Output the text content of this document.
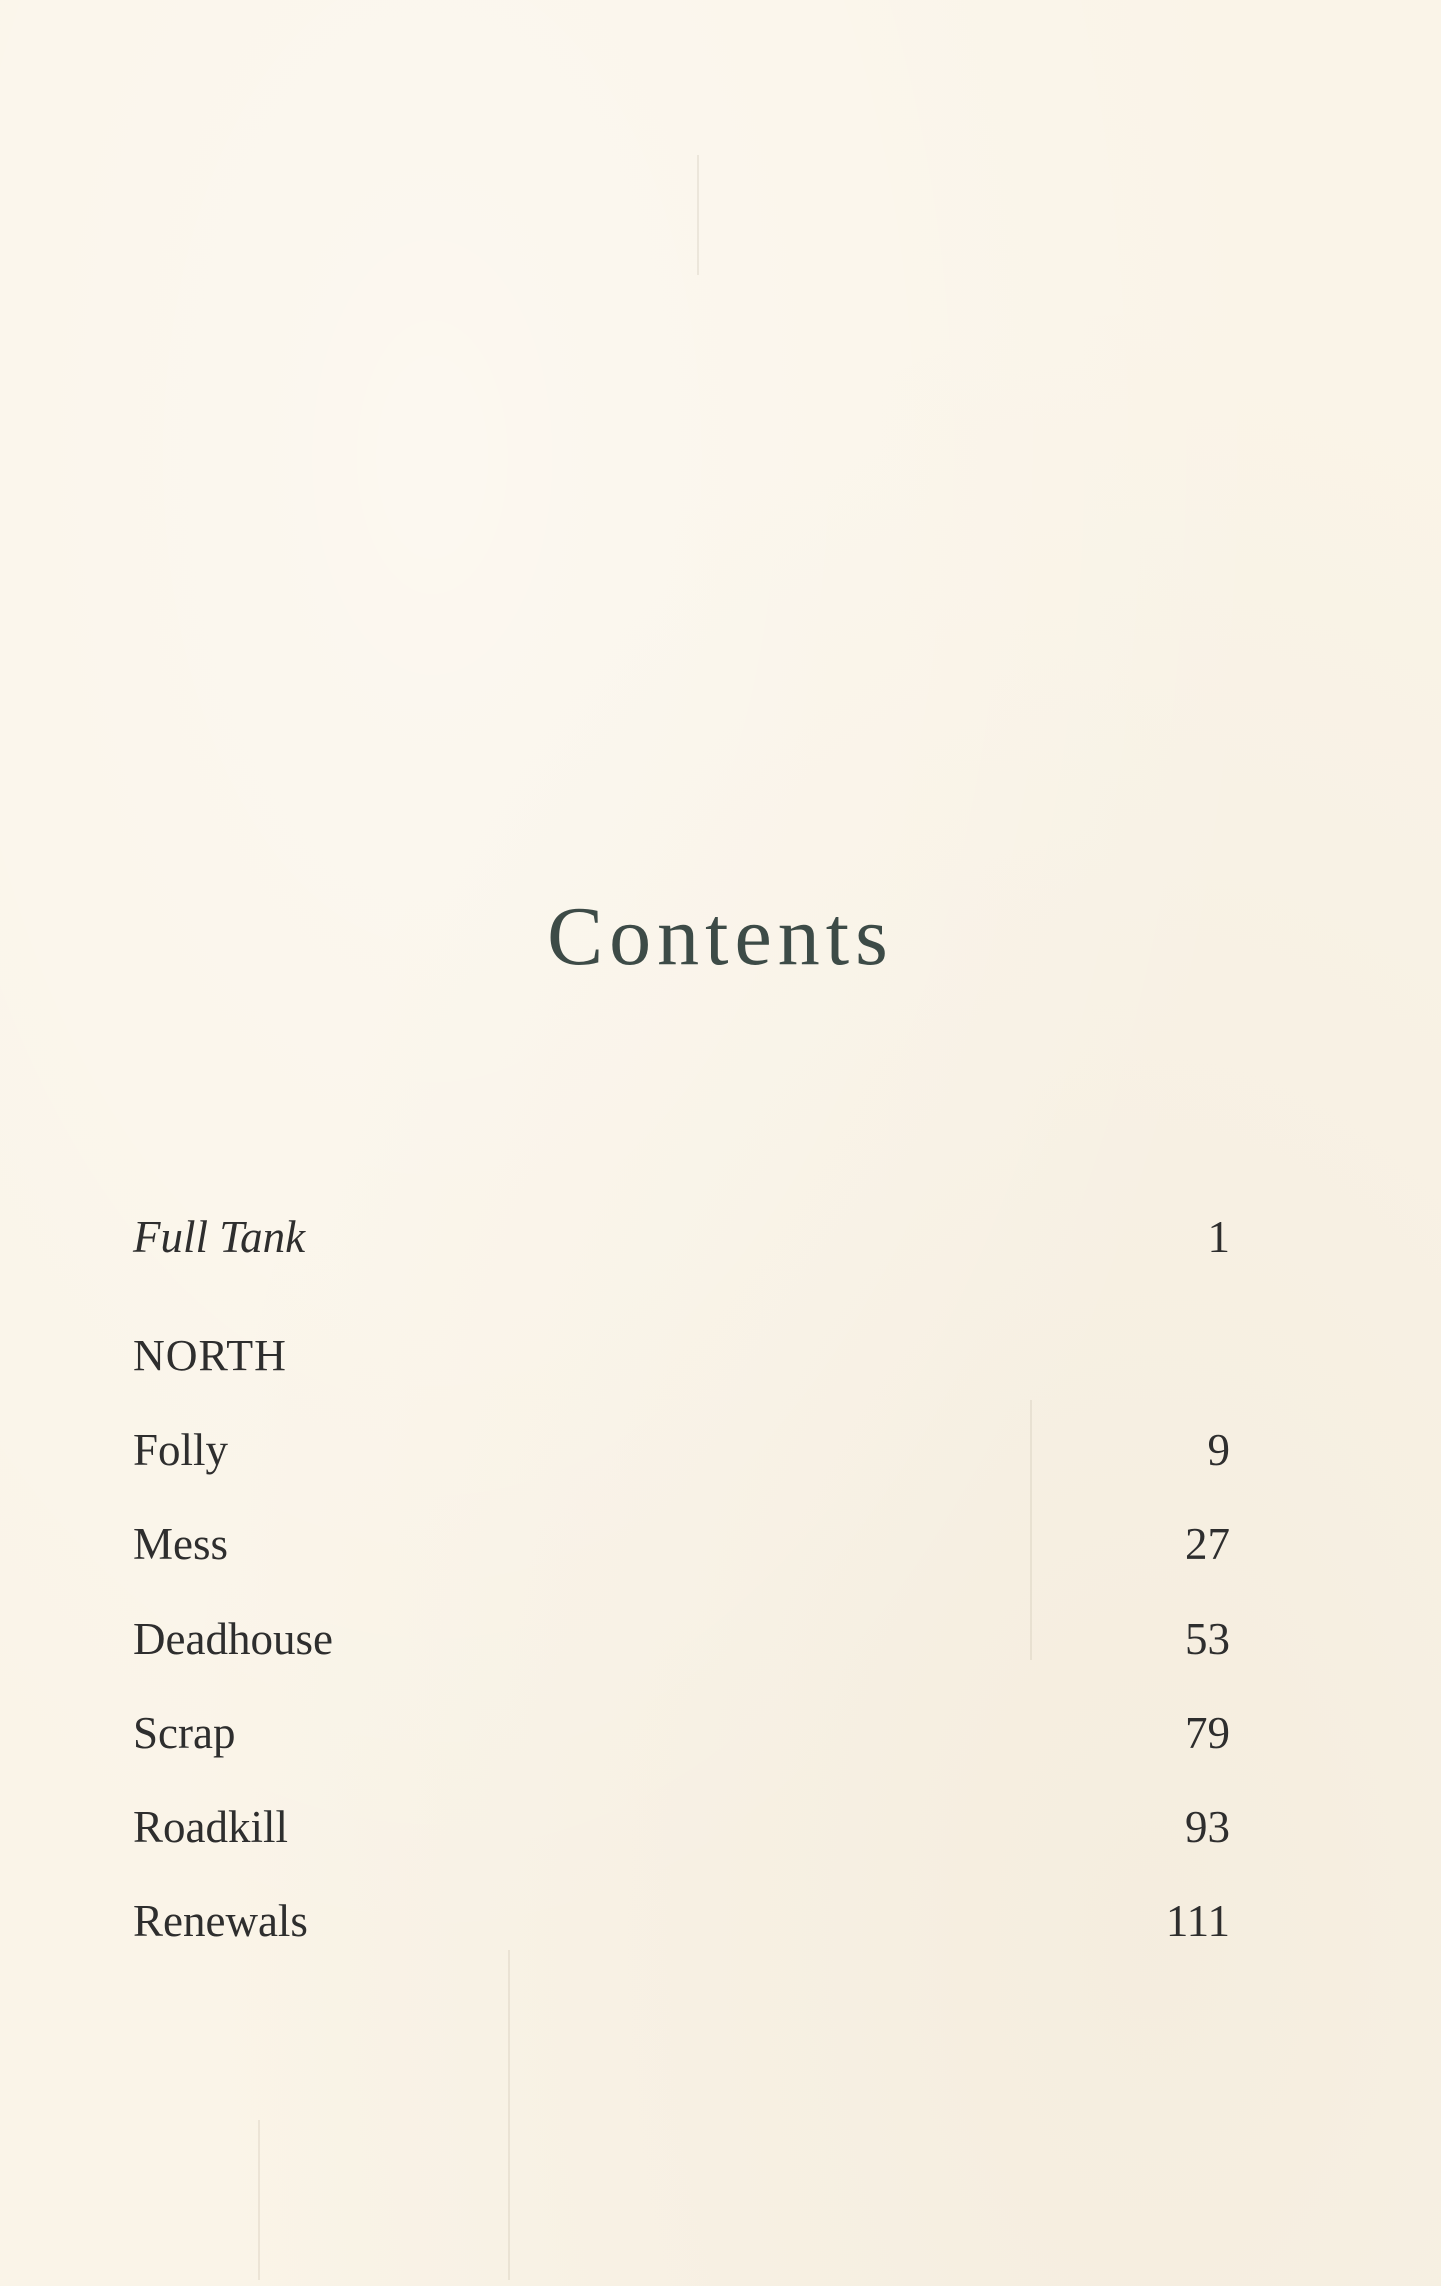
Contents
Full Tank	1
NORTH
Folly	9
Mess	27
Deadhouse	53
Scrap	79
Roadkill	93
Renewals	111
